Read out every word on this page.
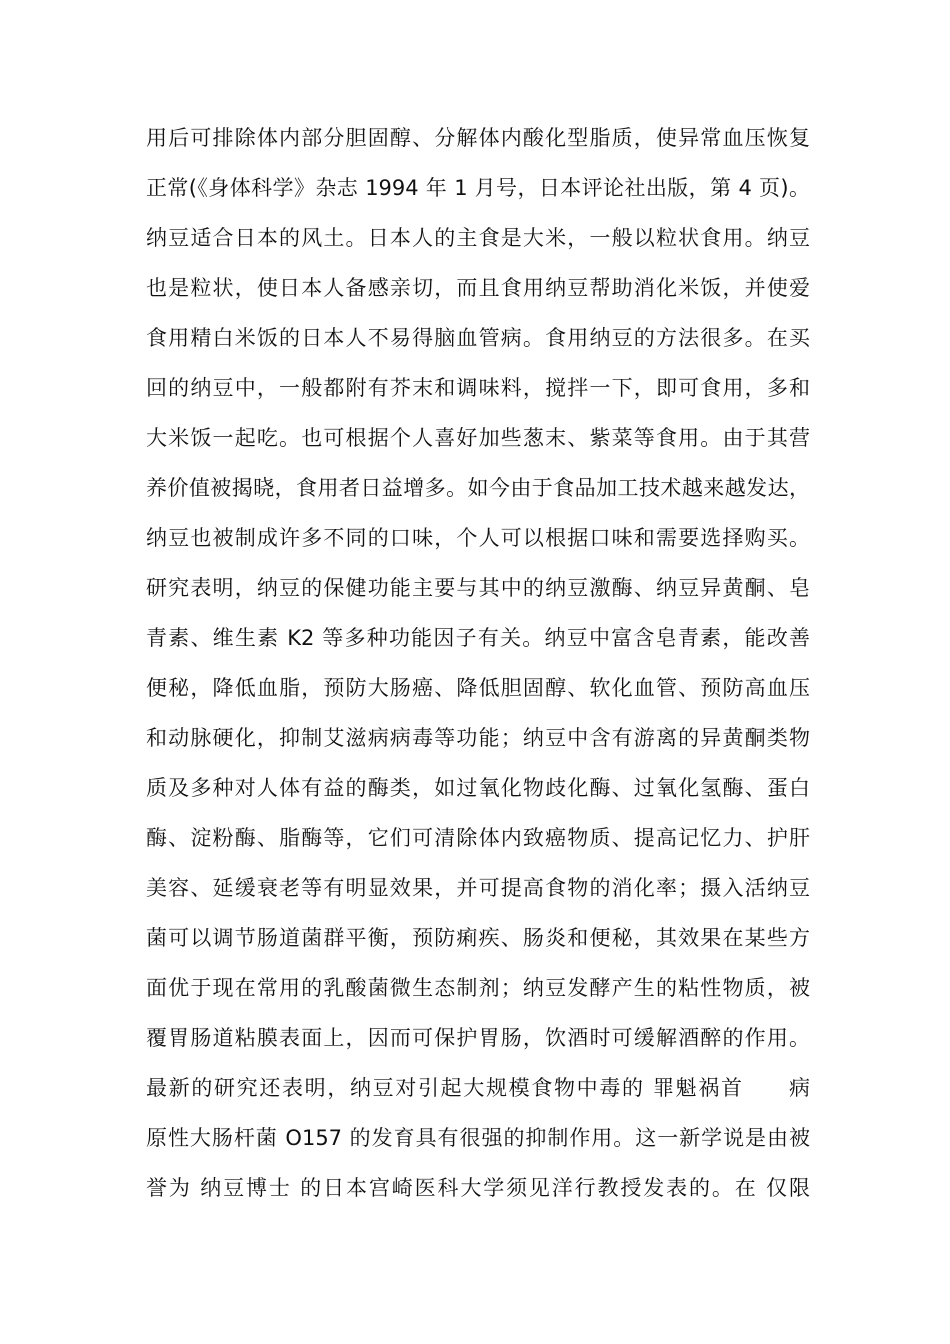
用后可排除体内部分胆固醇、分解体内酸化型脂质，使异常血压恢复
正常(《身体科学》杂志 1994 年 1 月号，日本评论社出版，第 4 页)。
纳豆适合日本的风土。日本人的主食是大米，一般以粒状食用。纳豆
也是粒状，使日本人备感亲切，而且食用纳豆帮助消化米饭，并使爱
食用精白米饭的日本人不易得脑血管病。食用纳豆的方法很多。在买
回的纳豆中，一般都附有芥末和调味料，搅拌一下，即可食用，多和
大米饭一起吃。也可根据个人喜好加些葱末、紫菜等食用。由于其营
养价值被揭晓，食用者日益增多。如今由于食品加工技术越来越发达，
纳豆也被制成许多不同的口味，个人可以根据口味和需要选择购买。
研究表明，纳豆的保健功能主要与其中的纳豆激酶、纳豆异黄酮、皂
青素、维生素 K2 等多种功能因子有关。纳豆中富含皂青素，能改善
便秘，降低血脂，预防大肠癌、降低胆固醇、软化血管、预防高血压
和动脉硬化，抑制艾滋病病毒等功能；纳豆中含有游离的异黄酮类物
质及多种对人体有益的酶类，如过氧化物歧化酶、过氧化氢酶、蛋白
酶、淀粉酶、脂酶等，它们可清除体内致癌物质、提高记忆力、护肝
美容、延缓衰老等有明显效果，并可提高食物的消化率；摄入活纳豆
菌可以调节肠道菌群平衡，预防痢疾、肠炎和便秘，其效果在某些方
面优于现在常用的乳酸菌微生态制剂；纳豆发酵产生的粘性物质，被
覆胃肠道粘膜表面上，因而可保护胃肠，饮酒时可缓解酒醉的作用。
最新的研究还表明，纳豆对引起大规模食物中毒的 罪魁祸首　　病
原性大肠杆菌 O157 的发育具有很强的抑制作用。这一新学说是由被
誉为 纳豆博士 的日本宫崎医科大学须见洋行教授发表的。在 仅限
